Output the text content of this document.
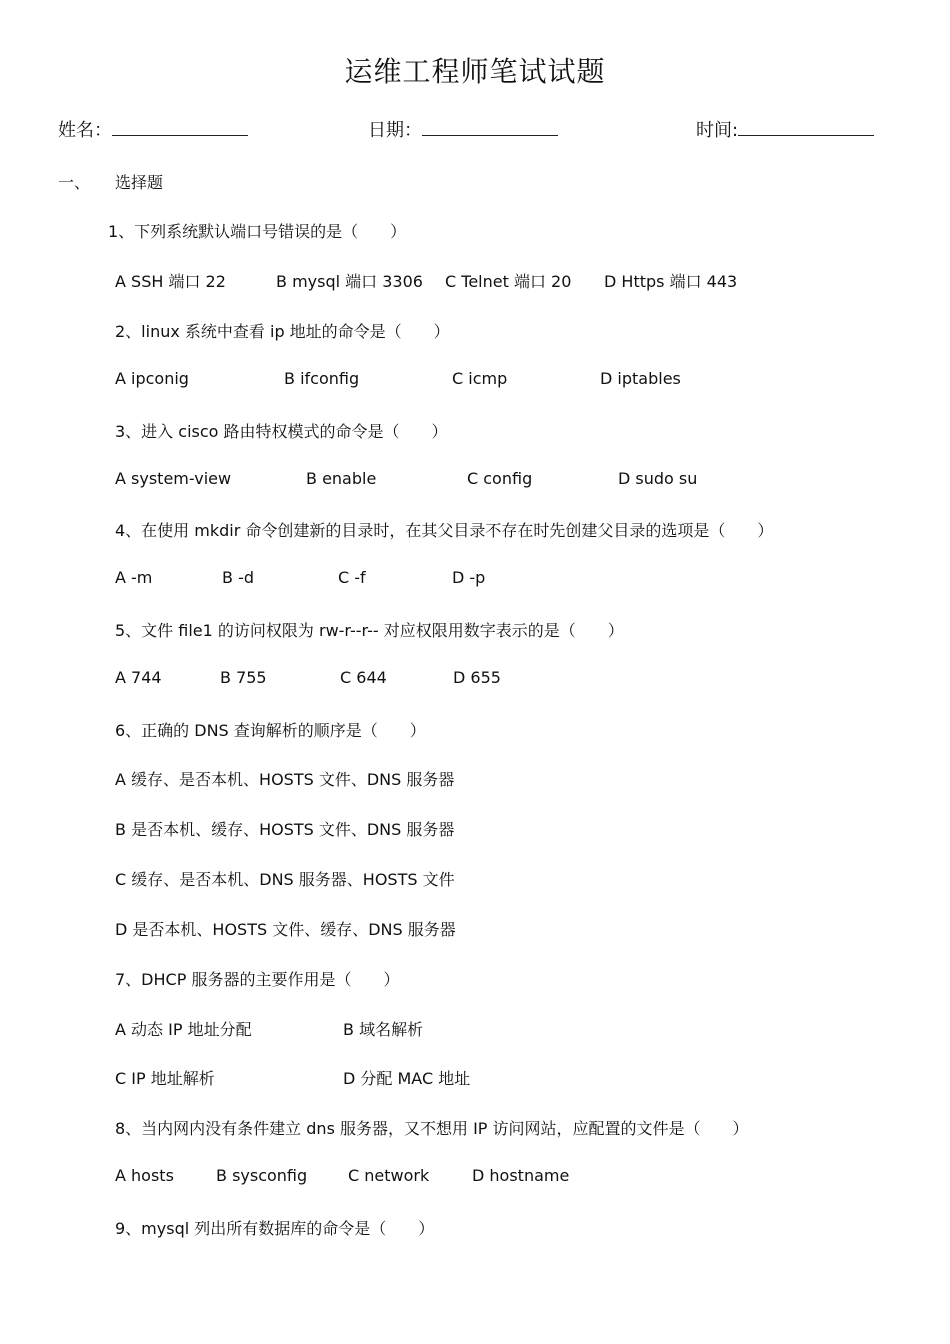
运维工程师笔试试题
姓名：	日期：	时间:
一、 选择题
1、下列系统默认端口号错误的是（　　）
A SSH 端口 22	B mysql 端口 3306 C Telnet 端口 20 D Https 端口 443
2、linux 系统中查看 ip 地址的命令是（　　）
A ipconig	B ifconfig	C icmp	D iptables
3、进入 cisco 路由特权模式的命令是（　　）
A system-view	B enable	C config	D sudo su
4、在使用 mkdir 命令创建新的目录时，在其父目录不存在时先创建父目录的选项是（　　）
A -m	B -d	C -f	D -p
5、文件 file1 的访问权限为 rw-r--r-- 对应权限用数字表示的是（　　）
A 744	B 755	C 644	D 655
6、正确的 DNS 查询解析的顺序是（　　）
A 缓存、是否本机、HOSTS 文件、DNS 服务器
B 是否本机、缓存、HOSTS 文件、DNS 服务器
C 缓存、是否本机、DNS 服务器、HOSTS 文件
D 是否本机、HOSTS 文件、缓存、DNS 服务器
7、DHCP 服务器的主要作用是（　　）
A 动态 IP 地址分配	B 域名解析
C IP 地址解析	D 分配 MAC 地址
8、当内网内没有条件建立 dns 服务器，又不想用 IP 访问网站，应配置的文件是（　　）
A hosts	B sysconfig	C network	D hostname
9、mysql 列出所有数据库的命令是（　　）
